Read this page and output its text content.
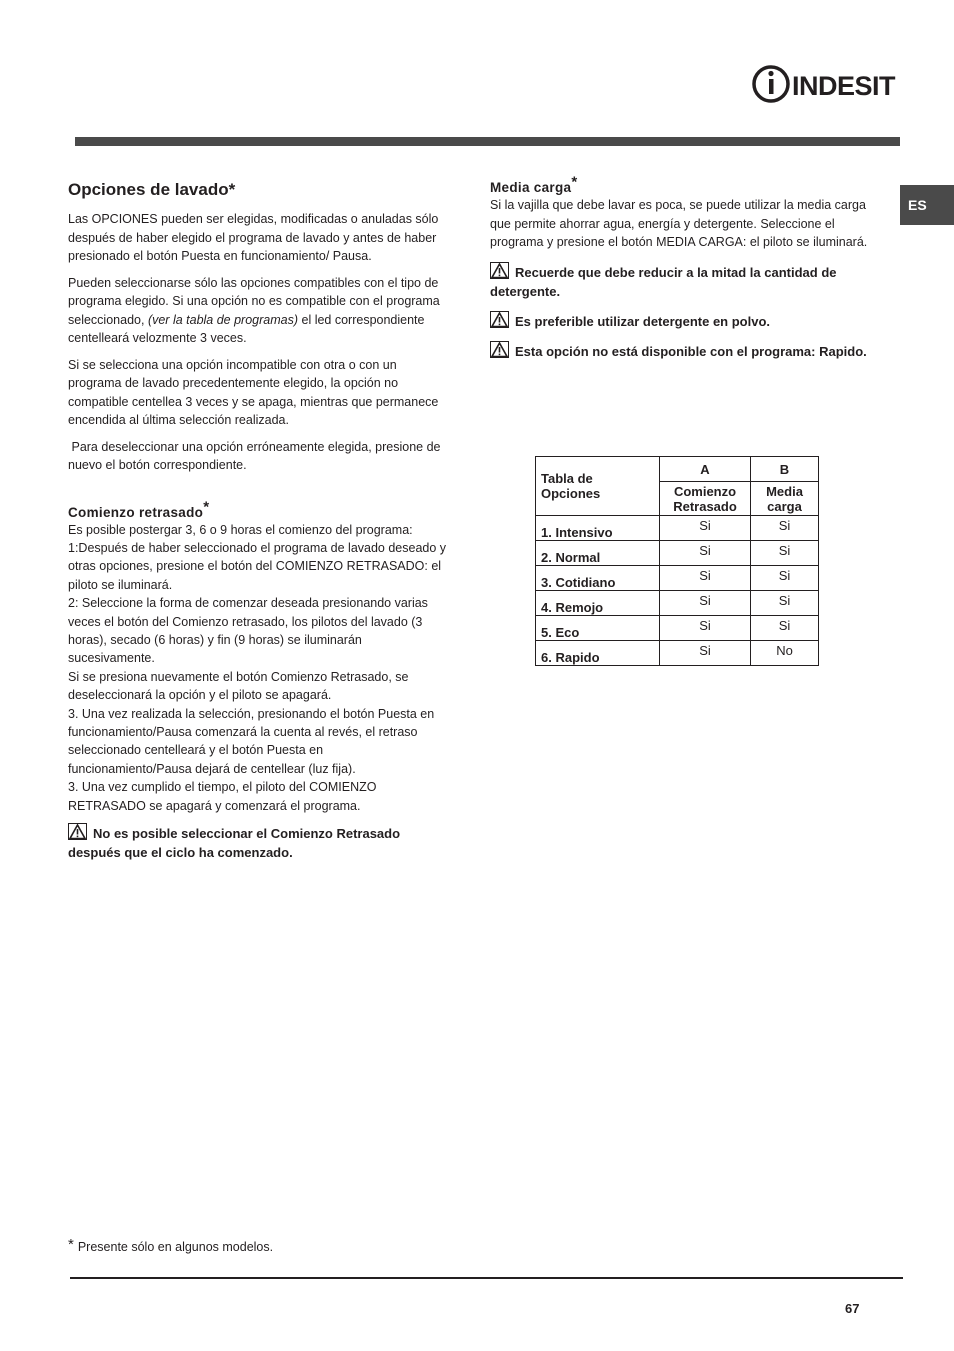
INDESIT
ES
Opciones de lavado*

Las OPCIONES pueden ser elegidas, modificadas o anuladas sólo después de haber elegido el programa de lavado y antes de haber presionado el botón Puesta en funcionamiento/ Pausa.

Pueden seleccionarse sólo las opciones compatibles con el tipo de programa elegido. Si una opción no es compatible con el programa seleccionado, (ver la tabla de programas) el led correspondiente centelleará velozmente 3 veces.

Si se selecciona una opción incompatible con otra o con un programa de lavado precedentemente elegido, la opción no compatible centellea 3 veces y se apaga, mientras que permanece encendida al última selección realizada.

Para deseleccionar una opción erróneamente elegida, presione de nuevo el botón correspondiente.

Comienzo retrasado*
Es posible postergar 3, 6 o 9 horas el comienzo del programa:
1:Después de haber seleccionado el programa de lavado deseado y otras opciones, presione el botón del COMIENZO RETRASADO: el piloto se iluminará.
2: Seleccione la forma de comenzar deseada presionando varias veces el botón del Comienzo retrasado, los pilotos del lavado (3 horas), secado (6 horas) y fin (9 horas) se iluminarán sucesivamente.
Si se presiona nuevamente el botón Comienzo Retrasado, se deseleccionará la opción y el piloto se apagará.
3. Una vez realizada la selección, presionando el botón Puesta en funcionamiento/Pausa comenzará la cuenta al revés, el retraso seleccionado centelleará y el botón Puesta en funcionamiento/Pausa dejará de centellear (luz fija).
3. Una vez cumplido el tiempo, el piloto del COMIENZO RETRASADO se apagará y comenzará el programa.
No es posible seleccionar el Comienzo Retrasado después que el ciclo ha comenzado.
Media carga*

Si la vajilla que debe lavar es poca, se puede utilizar la media carga que permite ahorrar agua, energía y detergente. Seleccione el programa y presione el botón MEDIA CARGA: el piloto se iluminará.

Recuerde que debe reducir a la mitad la cantidad de detergente.
Es preferible utilizar detergente en polvo.
Esta opción no está disponible con el programa: Rapido.
Tabla de Opciones	A	B
	Comienzo Retrasado	Media carga
1. Intensivo	Si	Si
2. Normal	Si	Si
3. Cotidiano	Si	Si
4. Remojo	Si	Si
5. Eco	Si	Si
6. Rapido	Si	No
* Presente sólo en algunos modelos.
67
